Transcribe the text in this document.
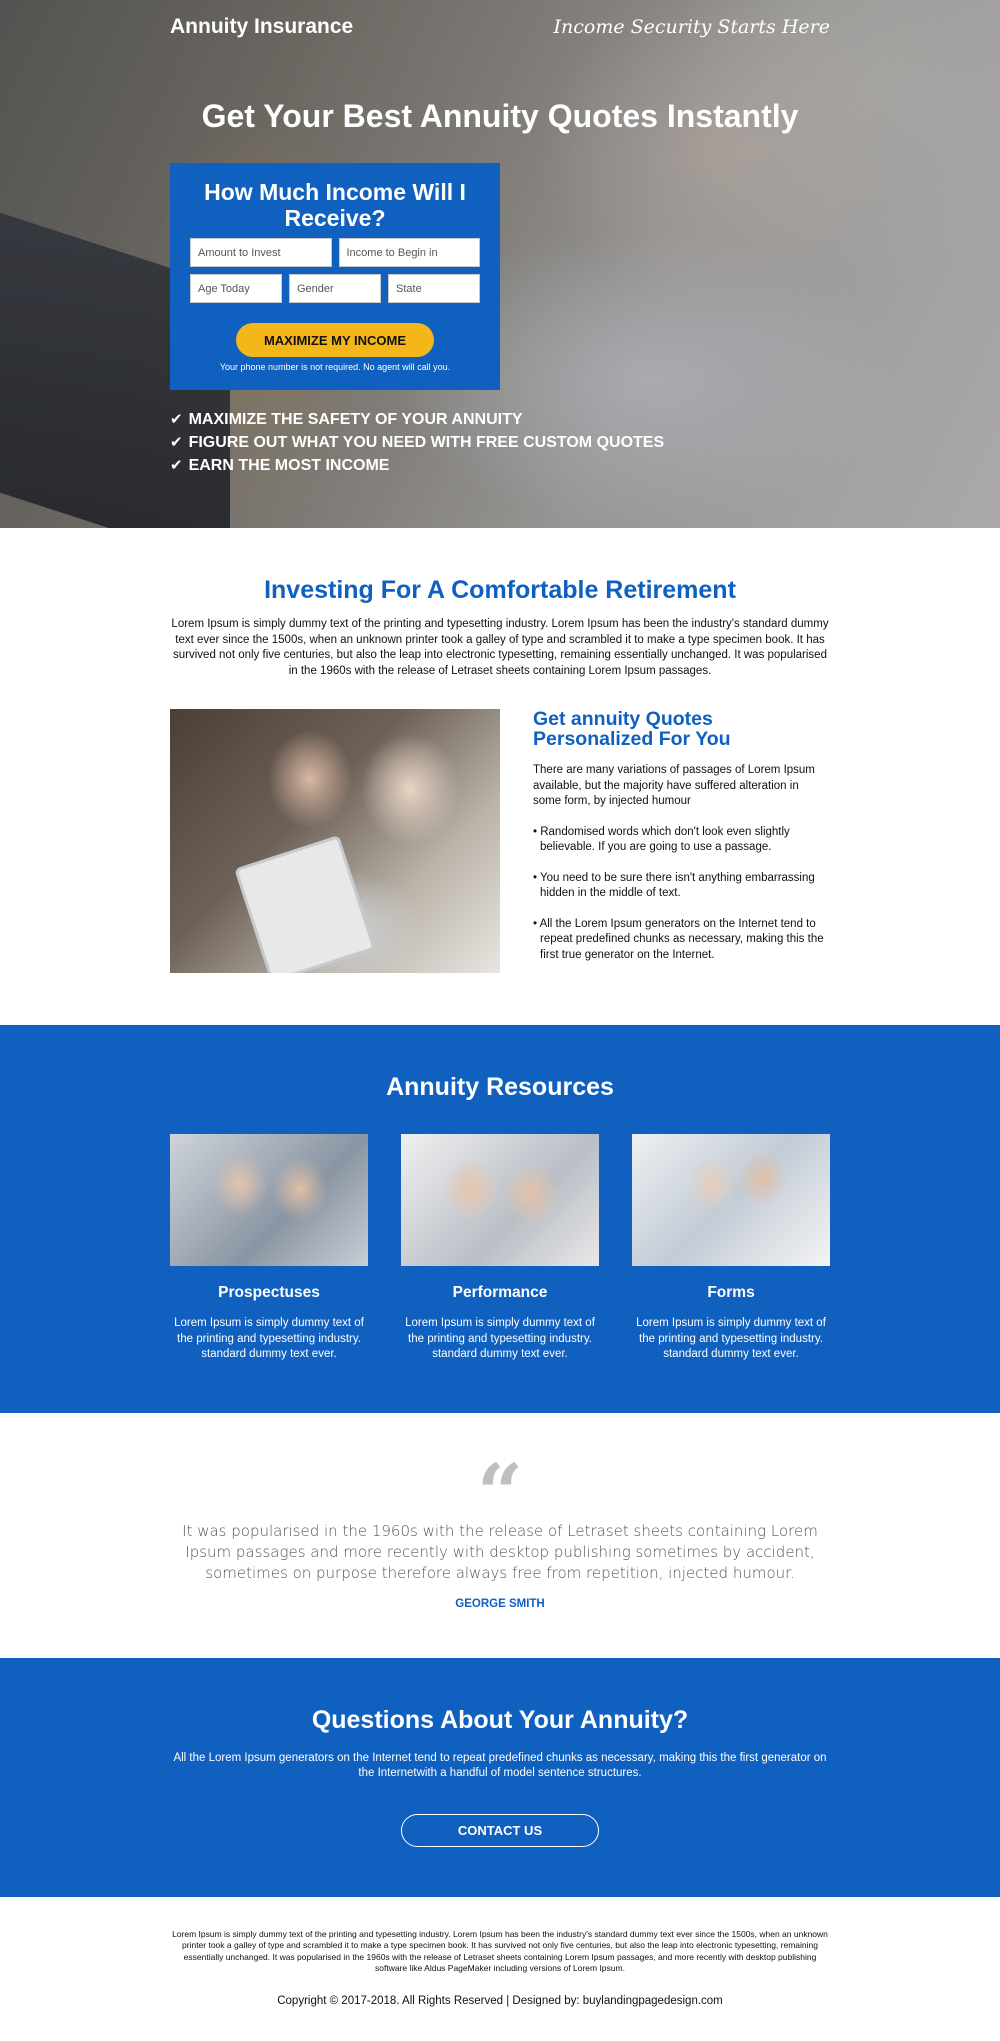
Annuity Insurance	Income Security Starts Here
Get Your Best Annuity Quotes Instantly
How Much Income Will I Receive?
Amount to Invest	Income to Begin in
Age Today	Gender	State
MAXIMIZE MY INCOME
Your phone number is not required. No agent will call you.
✔ MAXIMIZE THE SAFETY OF YOUR ANNUITY
✔ FIGURE OUT WHAT YOU NEED WITH FREE CUSTOM QUOTES
✔ EARN THE MOST INCOME
Investing For A Comfortable Retirement

Lorem Ipsum is simply dummy text of the printing and typesetting industry. Lorem Ipsum has been the industry's standard dummy text ever since the 1500s, when an unknown printer took a galley of type and scrambled it to make a type specimen book. It has survived not only five centuries, but also the leap into electronic typesetting, remaining essentially unchanged. It was popularised in the 1960s with the release of Letraset sheets containing Lorem Ipsum passages.

Get annuity Quotes Personalized For You

There are many variations of passages of Lorem Ipsum available, but the majority have suffered alteration in some form, by injected humour

• Randomised words which don't look even slightly believable. If you are going to use a passage.

• You need to be sure there isn't anything embarrassing hidden in the middle of text.

• All the Lorem Ipsum generators on the Internet tend to repeat predefined chunks as necessary, making this the first true generator on the Internet.

Annuity Resources
Prospectuses
Lorem Ipsum is simply dummy text of the printing and typesetting industry. standard dummy text ever.
Performance
Lorem Ipsum is simply dummy text of the printing and typesetting industry. standard dummy text ever.
Forms
Lorem Ipsum is simply dummy text of the printing and typesetting industry. standard dummy text ever.
“

It was popularised in the 1960s with the release of Letraset sheets containing Lorem Ipsum passages and more recently with desktop publishing sometimes by accident, sometimes on purpose therefore always free from repetition, injected humour.

GEORGE SMITH
Questions About Your Annuity?

All the Lorem Ipsum generators on the Internet tend to repeat predefined chunks as necessary, making this the first generator on the Internetwith a handful of model sentence structures.

CONTACT US

Lorem Ipsum is simply dummy text of the printing and typesetting industry. Lorem Ipsum has been the industry's standard dummy text ever since the 1500s, when an unknown printer took a galley of type and scrambled it to make a type specimen book. It has survived not only five centuries, but also the leap into electronic typesetting, remaining essentially unchanged. It was popularised in the 1960s with the release of Letraset sheets containing Lorem Ipsum passages, and more recently with desktop publishing software like Aldus PageMaker including versions of Lorem Ipsum.

Copyright © 2017-2018. All Rights Reserved | Designed by: buylandingpagedesign.com
